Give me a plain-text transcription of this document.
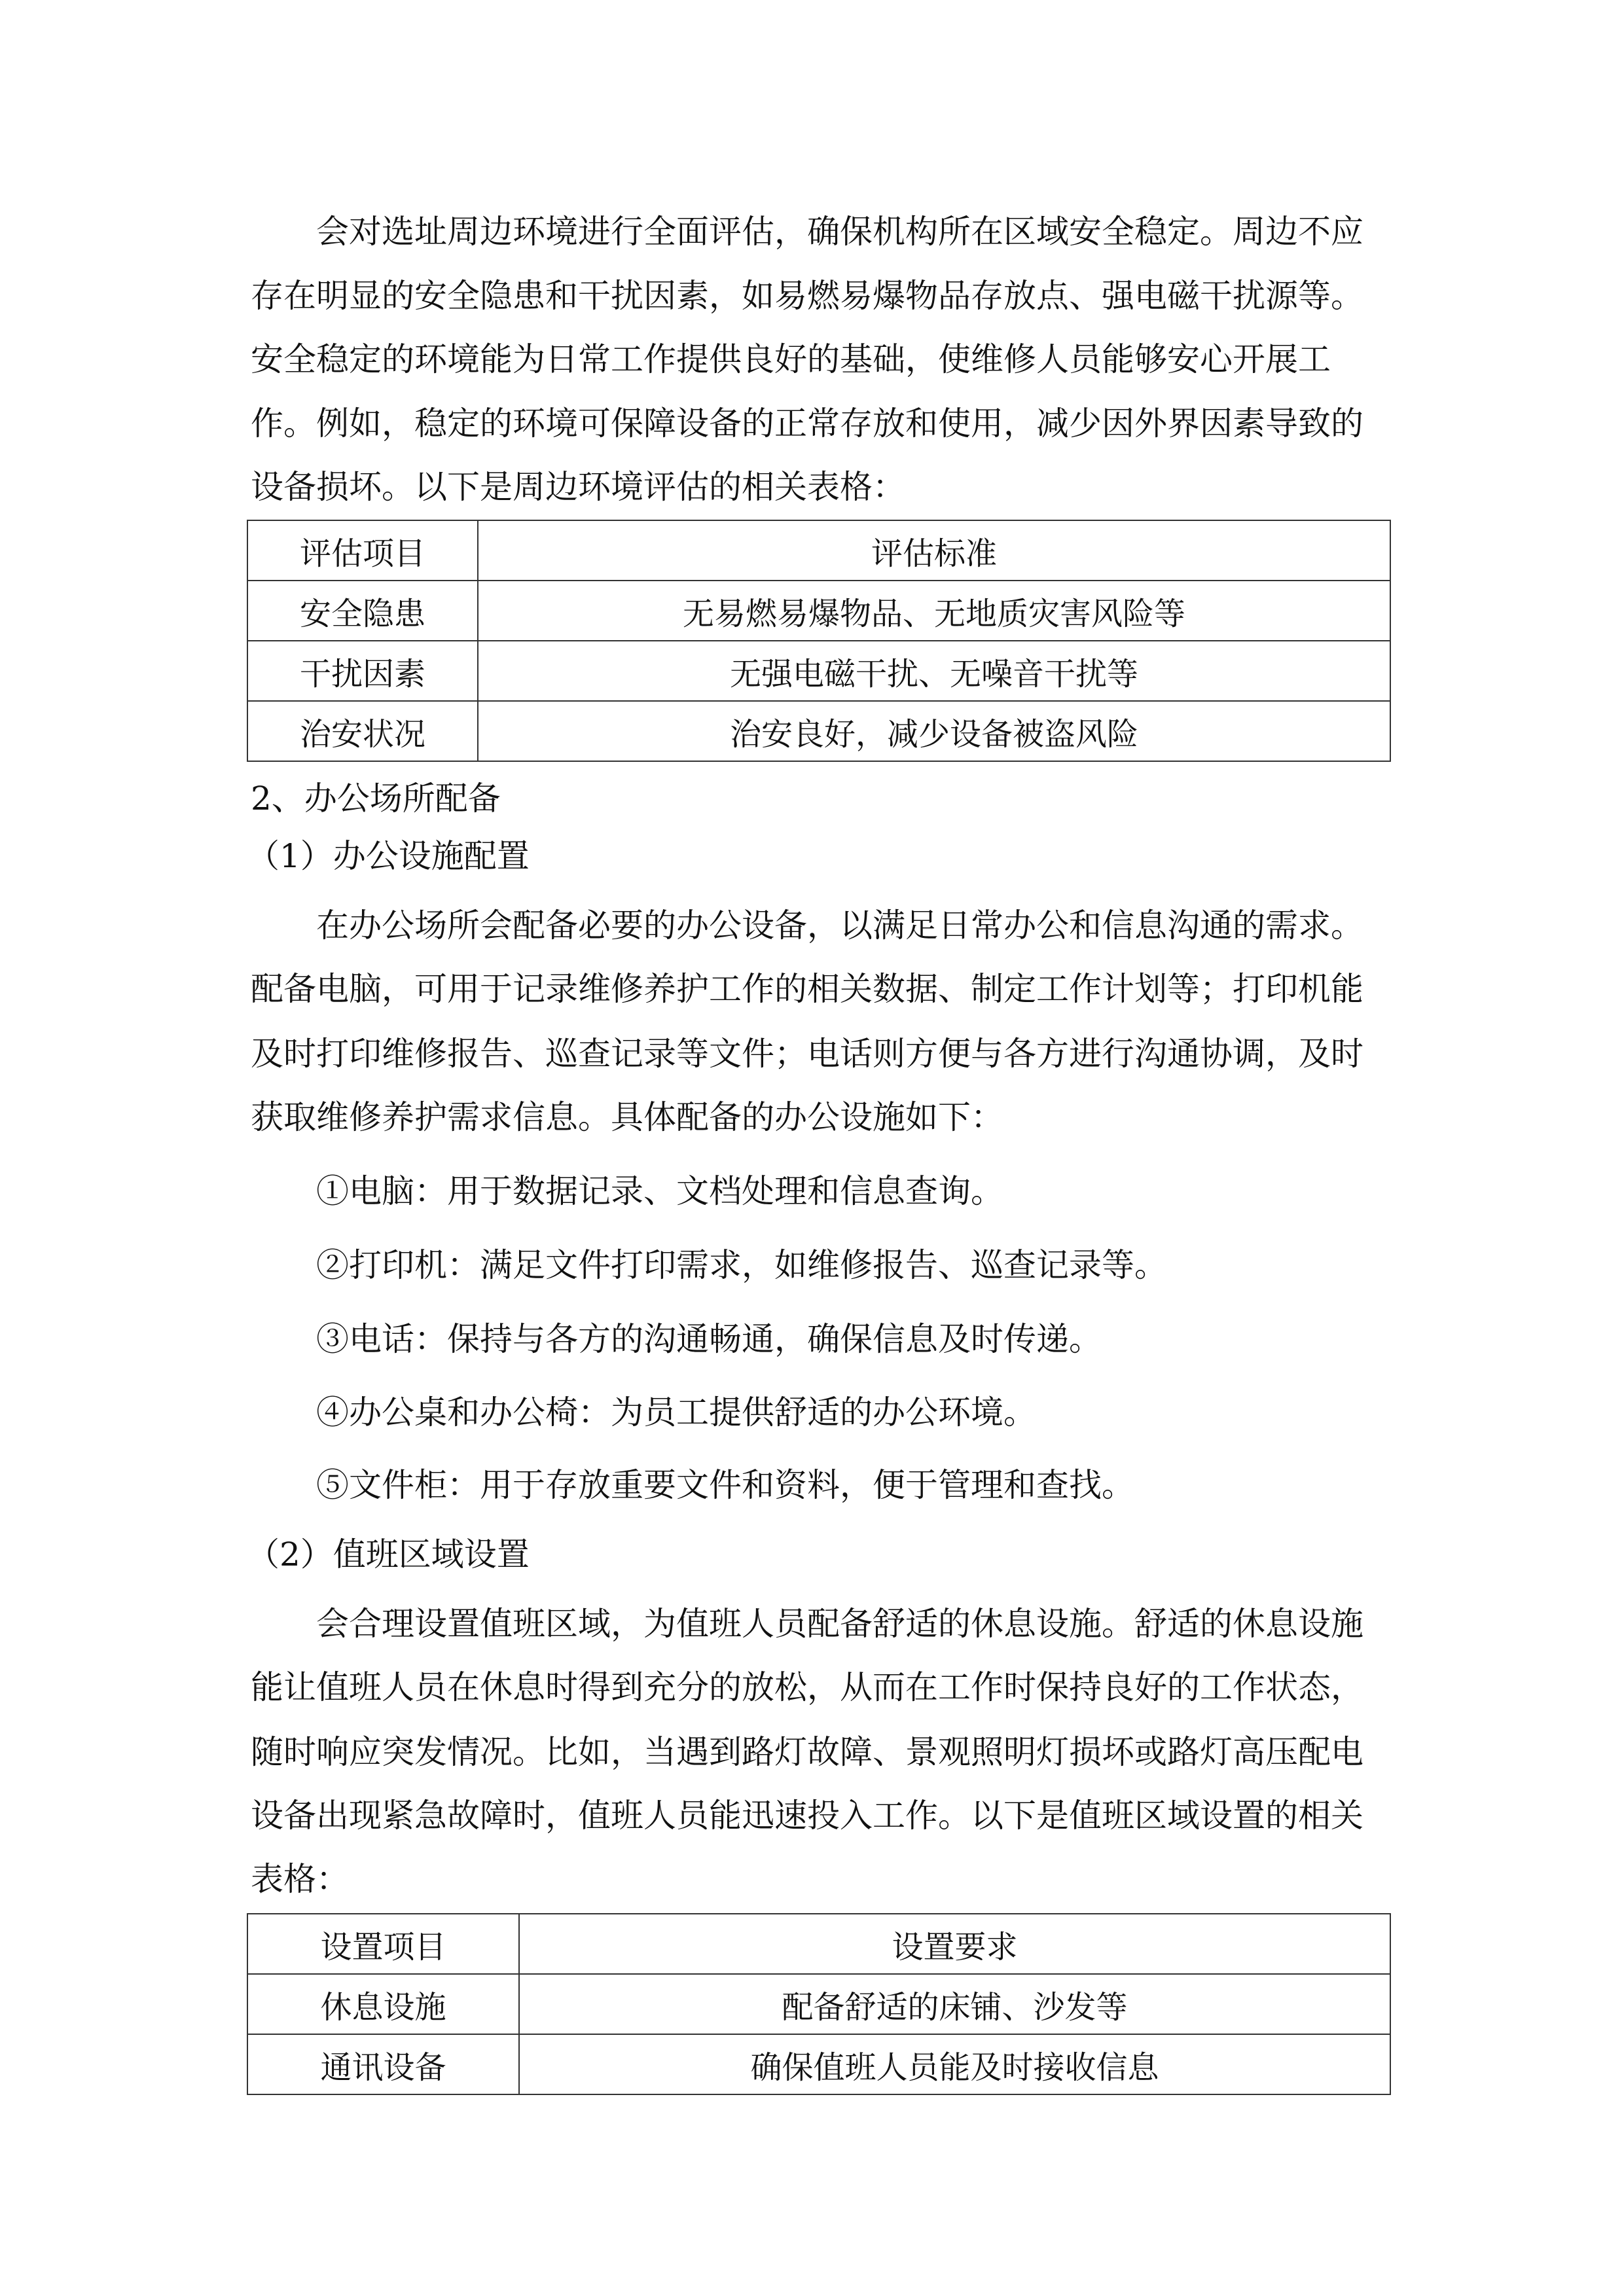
会对选址周边环境进行全面评估，确保机构所在区域安全稳定。周边不应
存在明显的安全隐患和干扰因素，如易燃易爆物品存放点、强电磁干扰源等。
安全稳定的环境能为日常工作提供良好的基础，使维修人员能够安心开展工
作。例如，稳定的环境可保障设备的正常存放和使用，减少因外界因素导致的
设备损坏。以下是周边环境评估的相关表格：
评估项目	评估标准
安全隐患	无易燃易爆物品、无地质灾害风险等
干扰因素	无强电磁干扰、无噪音干扰等
治安状况	治安良好，减少设备被盗风险
2、办公场所配备
（1）办公设施配置
在办公场所会配备必要的办公设备，以满足日常办公和信息沟通的需求。
配备电脑，可用于记录维修养护工作的相关数据、制定工作计划等；打印机能
及时打印维修报告、巡查记录等文件；电话则方便与各方进行沟通协调，及时
获取维修养护需求信息。具体配备的办公设施如下：
①电脑：用于数据记录、文档处理和信息查询。
②打印机：满足文件打印需求，如维修报告、巡查记录等。
③电话：保持与各方的沟通畅通，确保信息及时传递。
④办公桌和办公椅：为员工提供舒适的办公环境。
⑤文件柜：用于存放重要文件和资料，便于管理和查找。
（2）值班区域设置
会合理设置值班区域，为值班人员配备舒适的休息设施。舒适的休息设施
能让值班人员在休息时得到充分的放松，从而在工作时保持良好的工作状态，
随时响应突发情况。比如，当遇到路灯故障、景观照明灯损坏或路灯高压配电
设备出现紧急故障时，值班人员能迅速投入工作。以下是值班区域设置的相关
表格：
设置项目	设置要求
休息设施	配备舒适的床铺、沙发等
通讯设备	确保值班人员能及时接收信息
